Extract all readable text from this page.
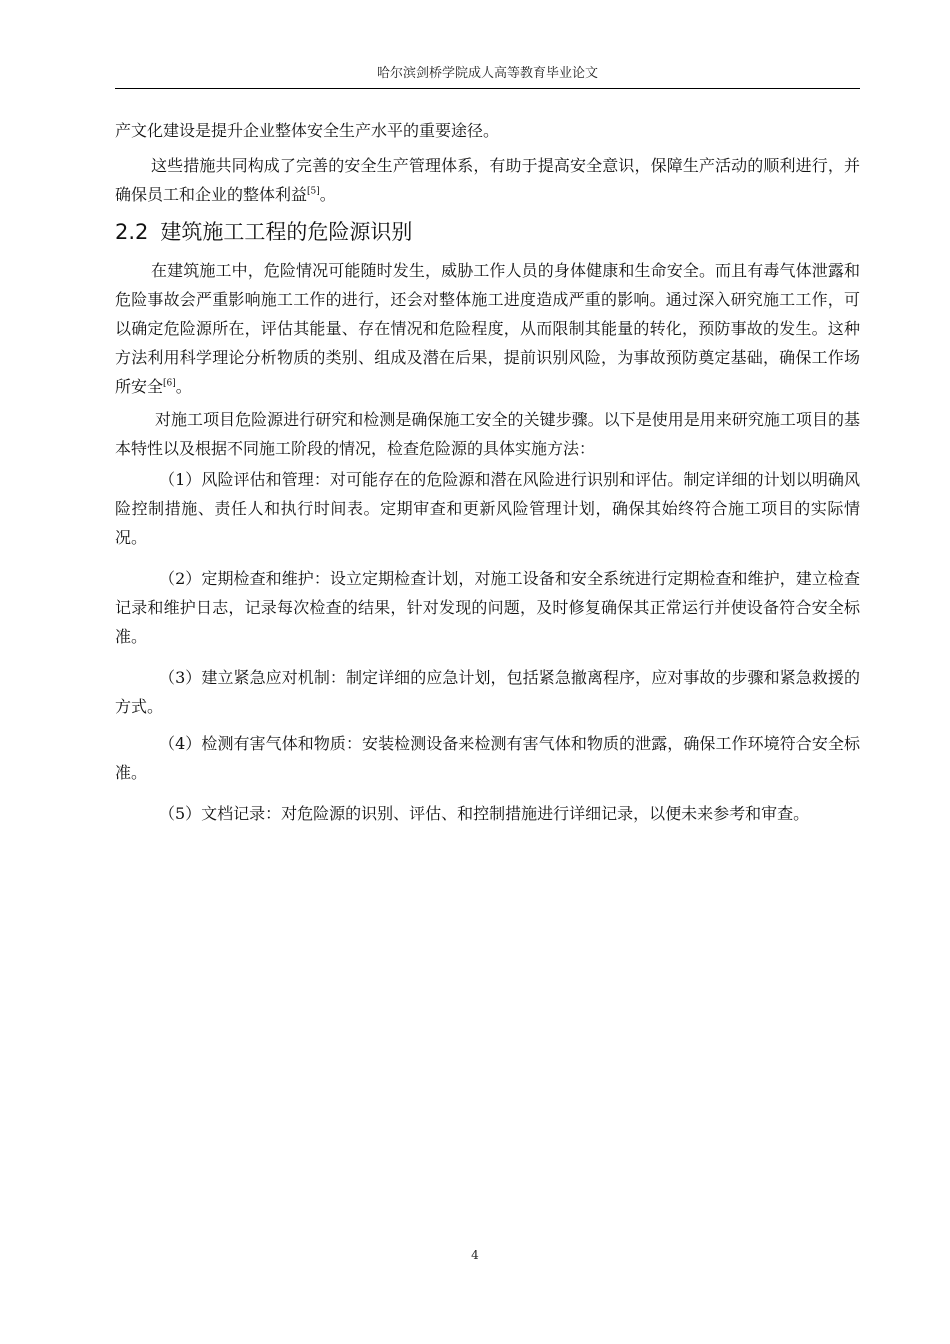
哈尔滨剑桥学院成人高等教育毕业论文

产文化建设是提升企业整体安全生产水平的重要途径。

这些措施共同构成了完善的安全生产管理体系，有助于提高安全意识，保障生产活动的顺利进行，并确保员工和企业的整体利益[5]。

2.2 建筑施工工程的危险源识别

在建筑施工中，危险情况可能随时发生，威胁工作人员的身体健康和生命安全。而且有毒气体泄露和危险事故会严重影响施工工作的进行，还会对整体施工进度造成严重的影响。通过深入研究施工工作，可以确定危险源所在，评估其能量、存在情况和危险程度，从而限制其能量的转化，预防事故的发生。这种方法利用科学理论分析物质的类别、组成及潜在后果，提前识别风险，为事故预防奠定基础，确保工作场所安全[6]。

对施工项目危险源进行研究和检测是确保施工安全的关键步骤。以下是使用是用来研究施工项目的基本特性以及根据不同施工阶段的情况，检查危险源的具体实施方法：

（1）风险评估和管理：对可能存在的危险源和潜在风险进行识别和评估。制定详细的计划以明确风险控制措施、责任人和执行时间表。定期审查和更新风险管理计划，确保其始终符合施工项目的实际情况。

（2）定期检查和维护：设立定期检查计划，对施工设备和安全系统进行定期检查和维护，建立检查记录和维护日志，记录每次检查的结果，针对发现的问题，及时修复确保其正常运行并使设备符合安全标准。

（3）建立紧急应对机制：制定详细的应急计划，包括紧急撤离程序，应对事故的步骤和紧急救援的方式。

（4）检测有害气体和物质：安装检测设备来检测有害气体和物质的泄露，确保工作环境符合安全标准。

（5）文档记录：对危险源的识别、评估、和控制措施进行详细记录，以便未来参考和审查。

4
